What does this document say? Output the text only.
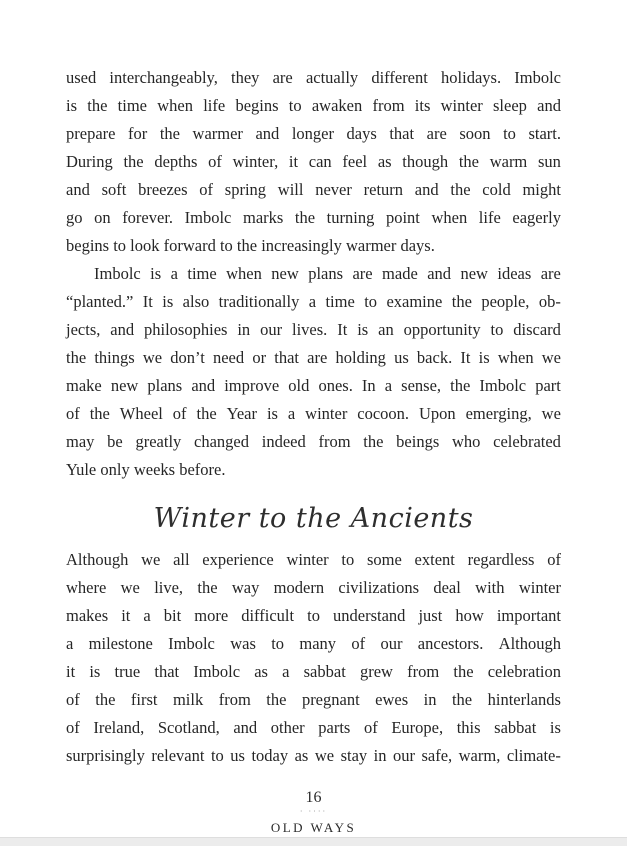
used interchangeably, they are actually different holidays. Imbolc
is the time when life begins to awaken from its winter sleep and
prepare for the warmer and longer days that are soon to start.
During the depths of winter, it can feel as though the warm sun
and soft breezes of spring will never return and the cold might
go on forever. Imbolc marks the turning point when life eagerly
begins to look forward to the increasingly warmer days.
Imbolc is a time when new plans are made and new ideas are
“planted.” It is also traditionally a time to examine the people, ob-
jects, and philosophies in our lives. It is an opportunity to discard
the things we don’t need or that are holding us back. It is when we
make new plans and improve old ones. In a sense, the Imbolc part
of the Wheel of the Year is a winter cocoon. Upon emerging, we
may be greatly changed indeed from the beings who celebrated
Yule only weeks before.
Winter to the Ancients
Although we all experience winter to some extent regardless of
where we live, the way modern civilizations deal with winter
makes it a bit more difficult to understand just how important
a milestone Imbolc was to many of our ancestors. Although
it is true that Imbolc as a sabbat grew from the celebration
of the first milk from the pregnant ewes in the hinterlands
of Ireland, Scotland, and other parts of Europe, this sabbat is
surprisingly relevant to us today as we stay in our safe, warm, climate-
16
· ····
OLD WAYS
